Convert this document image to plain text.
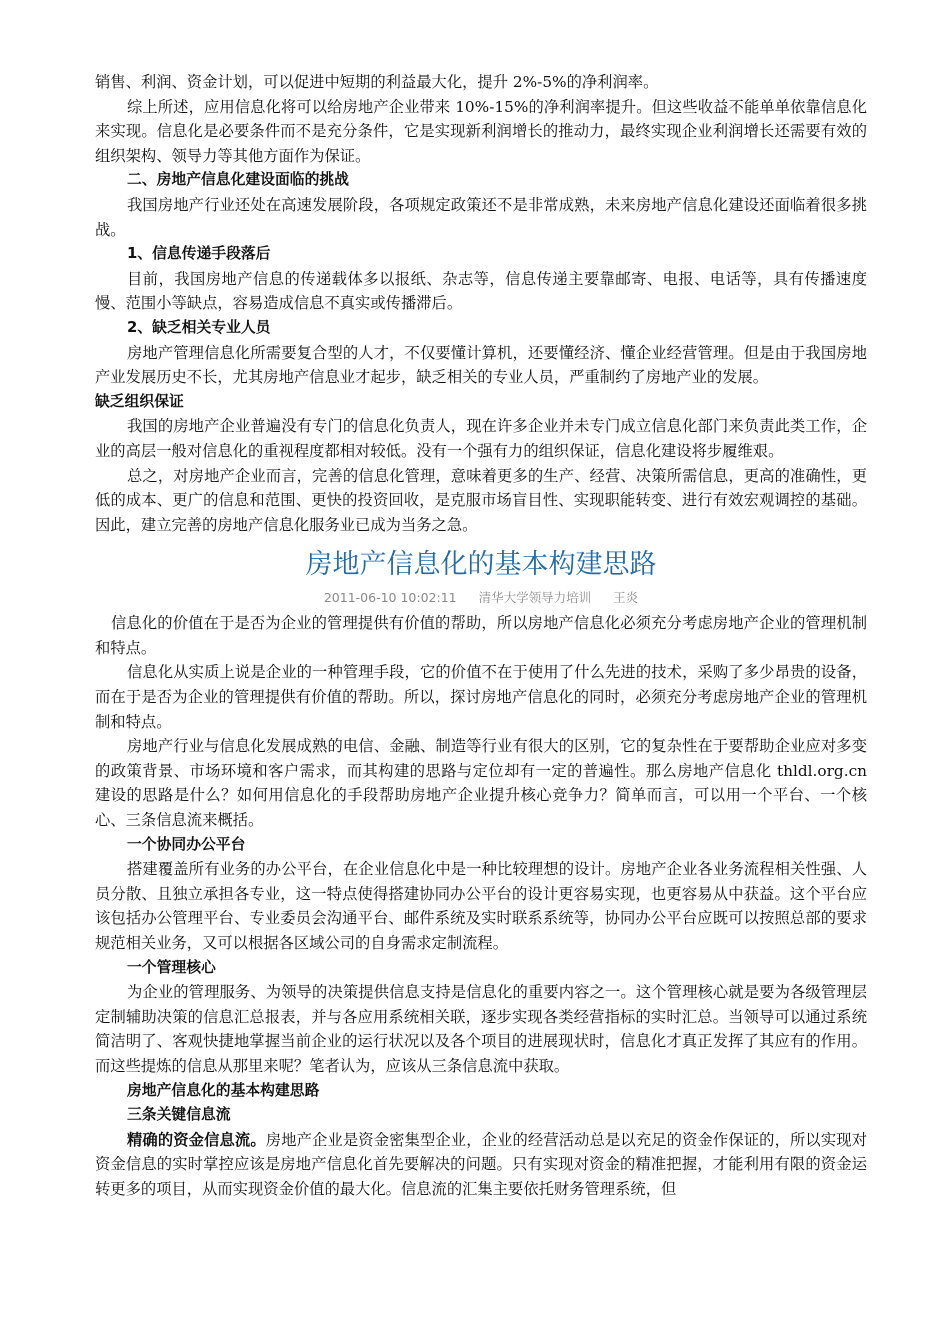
销售、利润、资金计划，可以促进中短期的利益最大化，提升 2%-5%的净利润率。

综上所述，应用信息化将可以给房地产企业带来 10%-15%的净利润率提升。但这些收益不能单单依靠信息化来实现。信息化是必要条件而不是充分条件，它是实现新利润增长的推动力，最终实现企业利润增长还需要有效的组织架构、领导力等其他方面作为保证。

二、房地产信息化建设面临的挑战

我国房地产行业还处在高速发展阶段，各项规定政策还不是非常成熟，未来房地产信息化建设还面临着很多挑战。

1、信息传递手段落后

目前，我国房地产信息的传递载体多以报纸、杂志等，信息传递主要靠邮寄、电报、电话等，具有传播速度慢、范围小等缺点，容易造成信息不真实或传播滞后。

2、缺乏相关专业人员

房地产管理信息化所需要复合型的人才，不仅要懂计算机，还要懂经济、懂企业经营管理。但是由于我国房地产业发展历史不长，尤其房地产信息业才起步，缺乏相关的专业人员，严重制约了房地产业的发展。

缺乏组织保证

我国的房地产企业普遍没有专门的信息化负责人，现在许多企业并未专门成立信息化部门来负责此类工作，企业的高层一般对信息化的重视程度都相对较低。没有一个强有力的组织保证，信息化建设将步履维艰。

总之，对房地产企业而言，完善的信息化管理，意味着更多的生产、经营、决策所需信息，更高的准确性，更低的成本、更广的信息和范围、更快的投资回收，是克服市场盲目性、实现职能转变、进行有效宏观调控的基础。因此，建立完善的房地产信息化服务业已成为当务之急。

房地产信息化的基本构建思路
2011-06-10 10:02:11 清华大学领导力培训 王炎

信息化的价值在于是否为企业的管理提供有价值的帮助，所以房地产信息化必须充分考虑房地产企业的管理机制和特点。

信息化从实质上说是企业的一种管理手段，它的价值不在于使用了什么先进的技术，采购了多少昂贵的设备，而在于是否为企业的管理提供有价值的帮助。所以，探讨房地产信息化的同时，必须充分考虑房地产企业的管理机制和特点。

房地产行业与信息化发展成熟的电信、金融、制造等行业有很大的区别，它的复杂性在于要帮助企业应对多变的政策背景、市场环境和客户需求，而其构建的思路与定位却有一定的普遍性。那么房地产信息化 thldl.org.cn 建设的思路是什么？如何用信息化的手段帮助房地产企业提升核心竞争力？简单而言，可以用一个平台、一个核心、三条信息流来概括。

一个协同办公平台

搭建覆盖所有业务的办公平台，在企业信息化中是一种比较理想的设计。房地产企业各业务流程相关性强、人员分散、且独立承担各专业，这一特点使得搭建协同办公平台的设计更容易实现，也更容易从中获益。这个平台应该包括办公管理平台、专业委员会沟通平台、邮件系统及实时联系系统等，协同办公平台应既可以按照总部的要求规范相关业务，又可以根据各区域公司的自身需求定制流程。

一个管理核心

为企业的管理服务、为领导的决策提供信息支持是信息化的重要内容之一。这个管理核心就是要为各级管理层定制辅助决策的信息汇总报表，并与各应用系统相关联，逐步实现各类经营指标的实时汇总。当领导可以通过系统简洁明了、客观快捷地掌握当前企业的运行状况以及各个项目的进展现状时，信息化才真正发挥了其应有的作用。而这些提炼的信息从那里来呢？笔者认为，应该从三条信息流中获取。

房地产信息化的基本构建思路

三条关键信息流

精确的资金信息流。房地产企业是资金密集型企业，企业的经营活动总是以充足的资金作保证的，所以实现对资金信息的实时掌控应该是房地产信息化首先要解决的问题。只有实现对资金的精准把握，才能利用有限的资金运转更多的项目，从而实现资金价值的最大化。信息流的汇集主要依托财务管理系统，但
